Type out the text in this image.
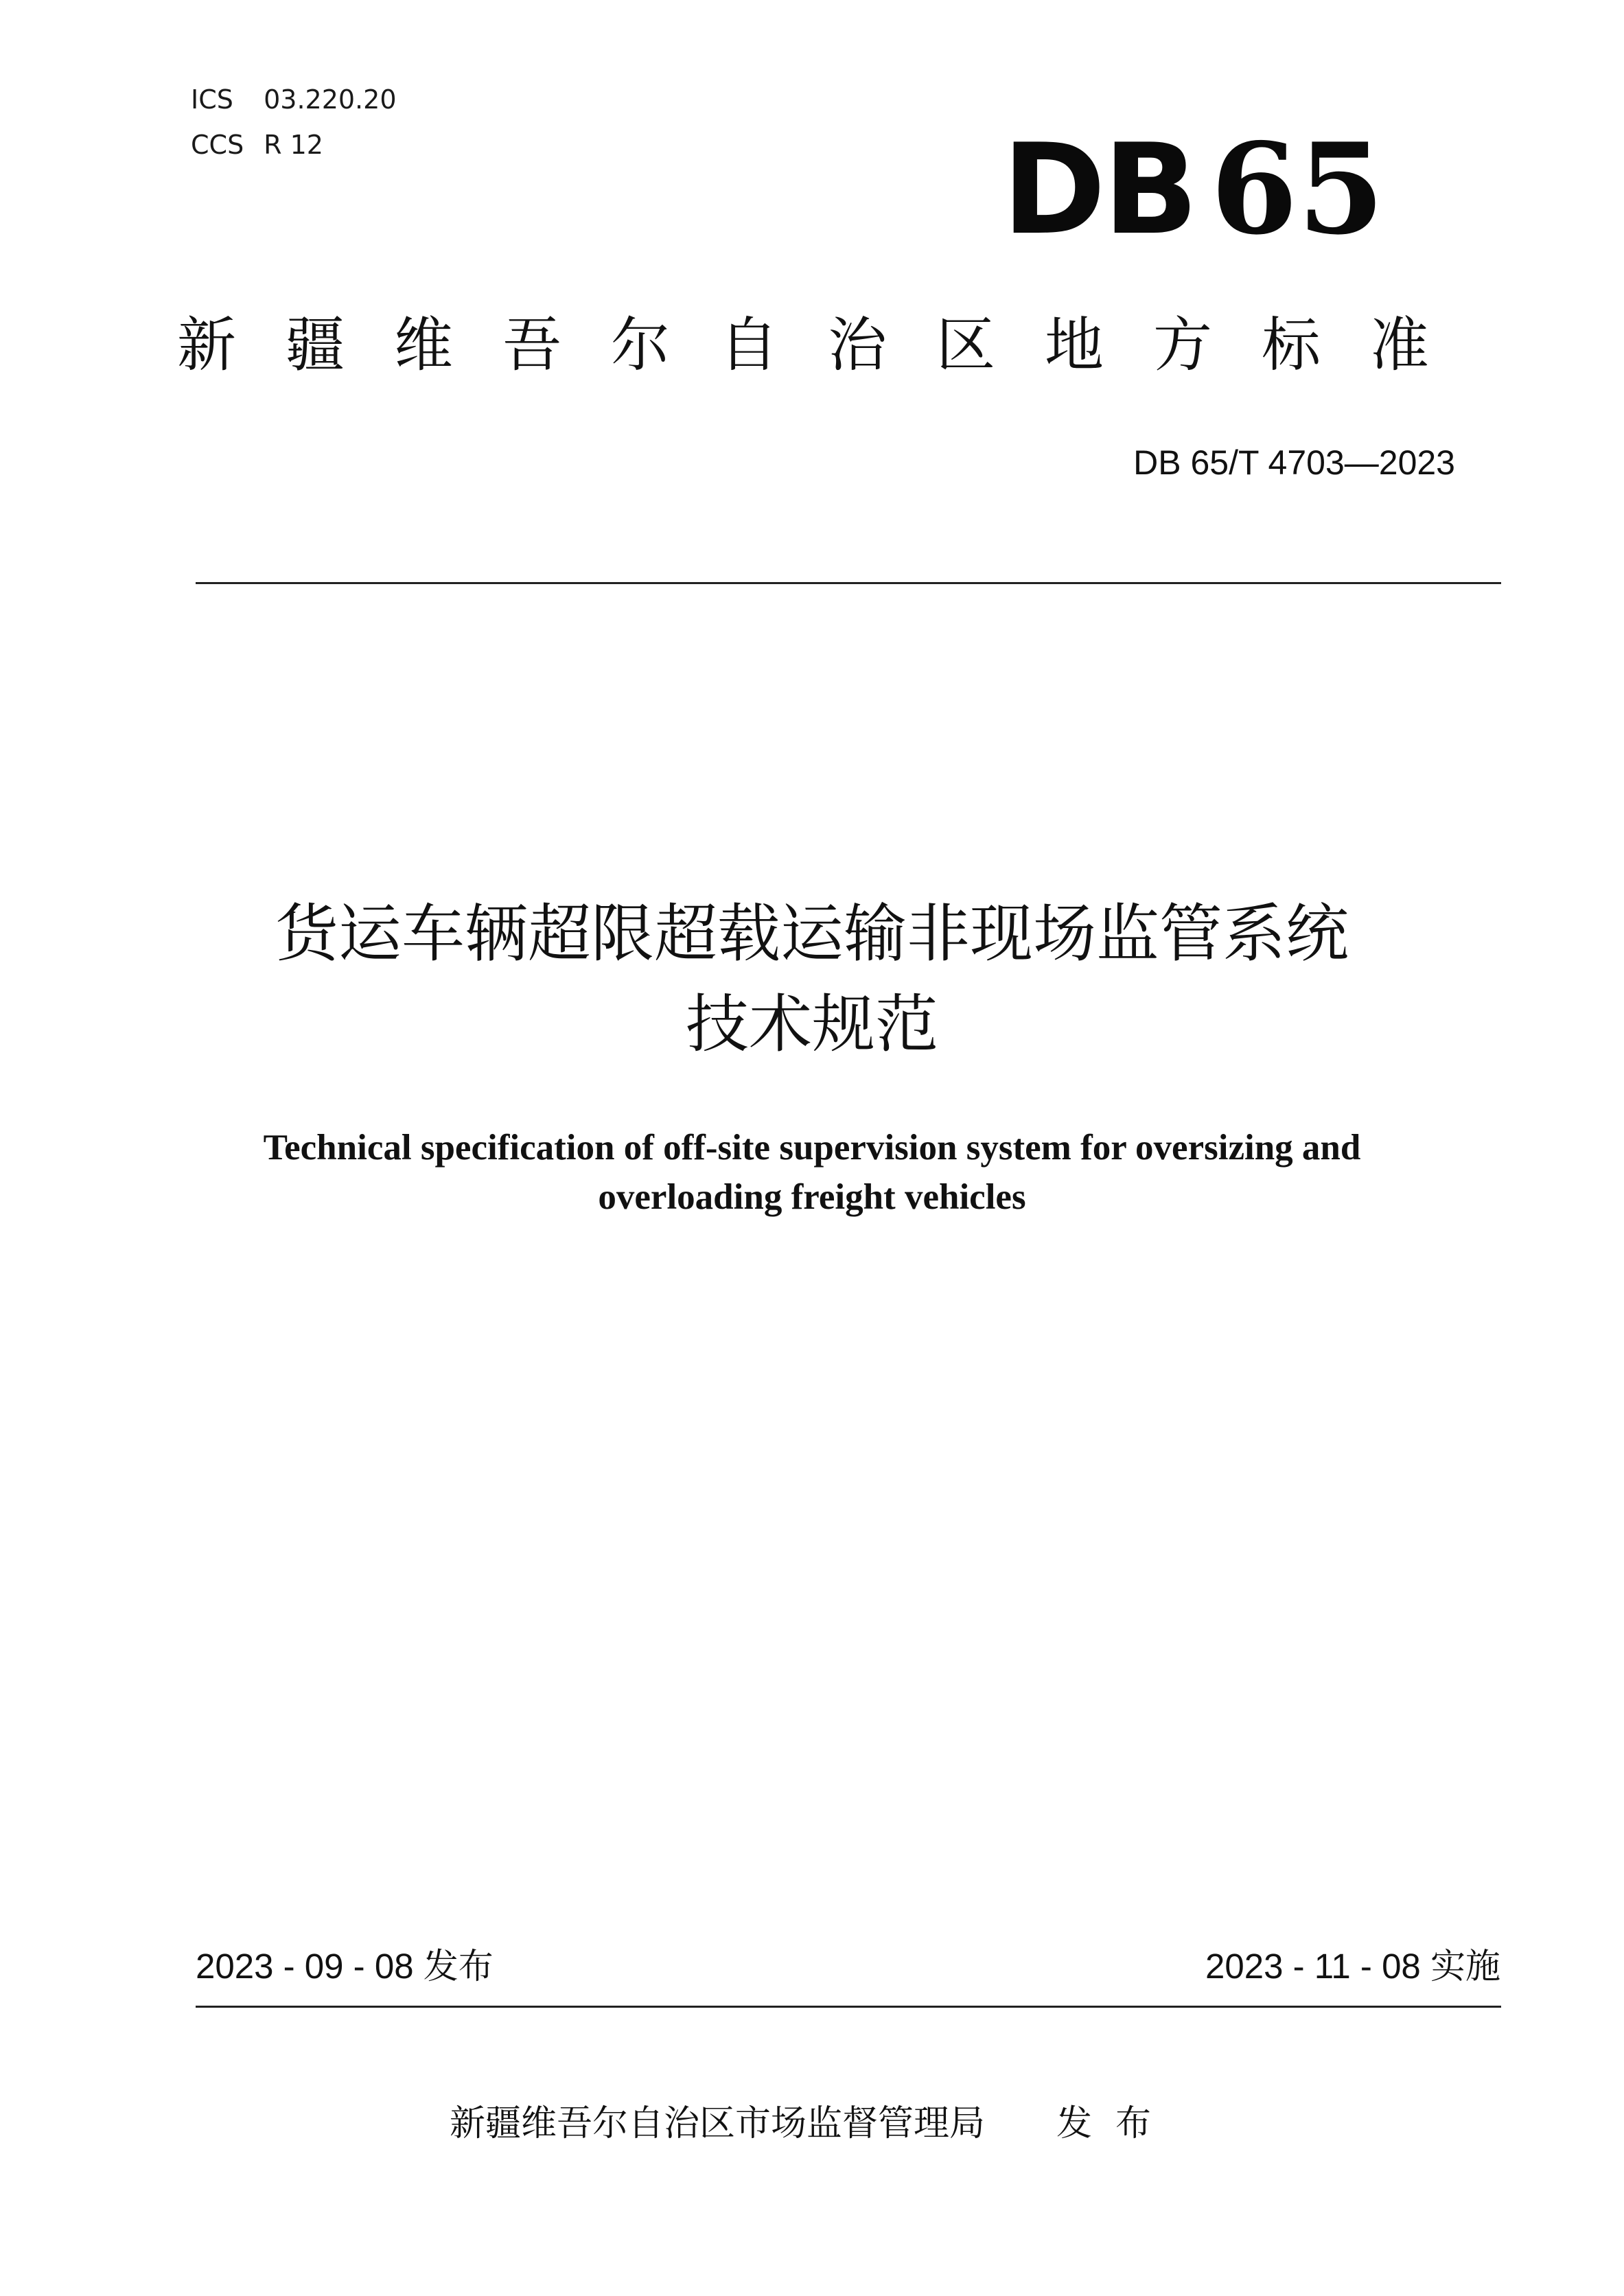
ICS 03.220.20
CCS R 12	DB 65
新疆维吾尔自治区地方标准
DB 65/T 4703—2023
货运车辆超限超载运输非现场监管系统
技术规范
Technical specification of off-site supervision system for oversizing and
overloading freight vehicles
2023 - 09 - 08 发布	2023 - 11 - 08 实施
新疆维吾尔自治区市场监督管理局 发布
